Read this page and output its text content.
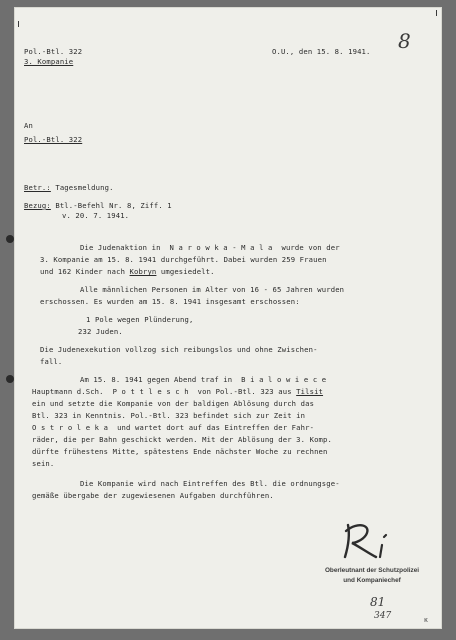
Pol.-Btl. 322
3. Kompanie
O.U., den 15. 8. 1941. 8
An
Pol.-Btl. 322
Betr.: Tagesmeldung.
Bezug: Btl.-Befehl Nr. 8, Ziff. 1
v. 20. 7. 1941.
Die Judenaktion in  N a r o w k a - M a l a  wurde von der
3. Kompanie am 15. 8. 1941 durchgeführt. Dabei wurden 259 Frauen
und 162 Kinder nach Kobryn umgesiedelt.
Alle männlichen Personen im Alter von 16 - 65 Jahren wurden
erschossen. Es wurden am 15. 8. 1941 insgesamt erschossen:
1 Pole wegen Plünderung,
232 Juden.
Die Judenexekution vollzog sich reibungslos und ohne Zwischen-
fall.
Am 15. 8. 1941 gegen Abend traf in  B i a l o w i e c e
Hauptmann d.Sch.  P o t t l e s c h  von Pol.-Btl. 323 aus Tilsit
ein und setzte die Kompanie von der baldigen Ablösung durch das
Btl. 323 in Kenntnis. Pol.-Btl. 323 befindet sich zur Zeit in
O s t r o l e k a  und wartet dort auf das Eintreffen der Fahr-
räder, die per Bahn geschickt werden. Mit der Ablösung der 3. Komp.
dürfte frühestens Mitte, spätestens Ende nächster Woche zu rechnen
sein.
Die Kompanie wird nach Eintreffen des Btl. die ordnungsge-
gemäße übergabe der zugewiesenen Aufgaben durchführen.
Oberleutnant der Schutzpolizei
und Kompaniechef
81
347	K
